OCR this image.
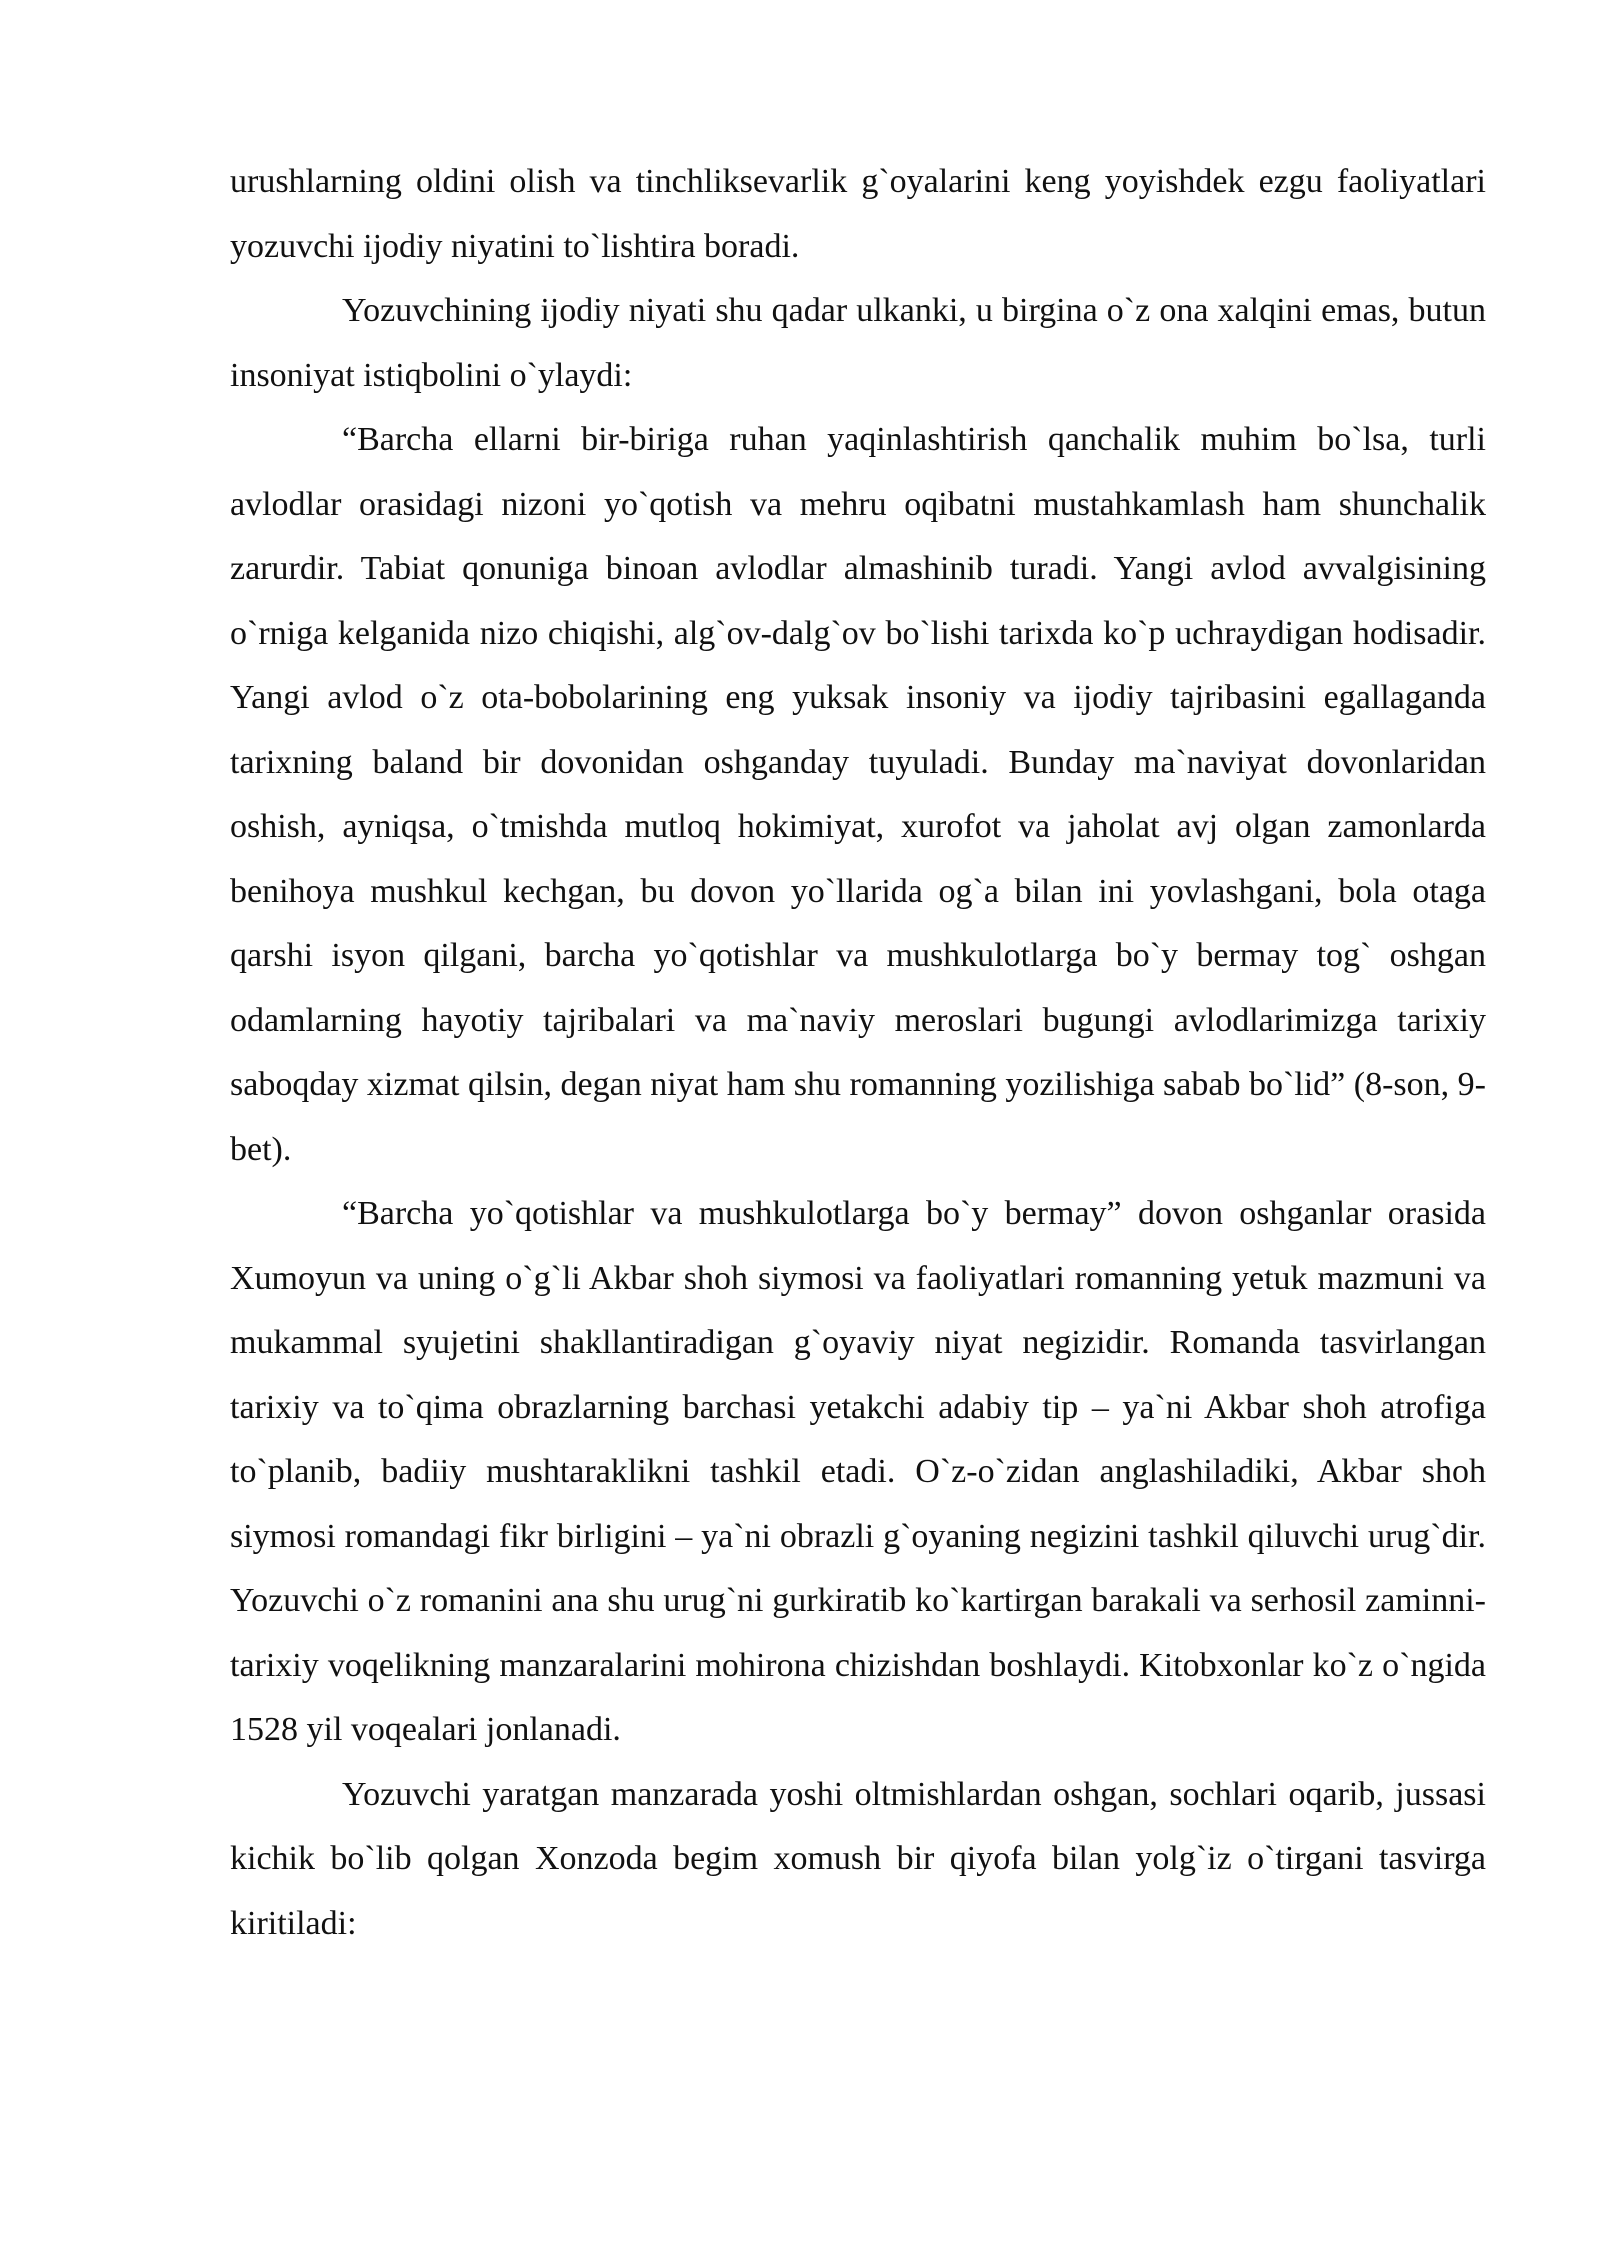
urushlarning oldini olish va tinchliksevarlik g`oyalarini keng yoyishdek ezgu faoliyatlari yozuvchi ijodiy niyatini to`lishtira boradi.

Yozuvchining ijodiy niyati shu qadar ulkanki, u birgina o`z ona xalqini emas, butun insoniyat istiqbolini o`ylaydi:

“Barcha ellarni bir-biriga ruhan yaqinlashtirish qanchalik muhim bo`lsa, turli avlodlar orasidagi nizoni yo`qotish va mehru oqibatni mustahkamlash ham shunchalik zarurdir. Tabiat qonuniga binoan avlodlar almashinib turadi. Yangi avlod avvalgisining o`rniga kelganida nizo chiqishi, alg`ov-dalg`ov bo`lishi tarixda ko`p uchraydigan hodisadir. Yangi avlod o`z ota-bobolarining eng yuksak insoniy va ijodiy tajribasini egallaganda tarixning baland bir dovonidan oshganday tuyuladi. Bunday ma`naviyat dovonlaridan oshish, ayniqsa, o`tmishda mutloq hokimiyat, xurofot va jaholat avj olgan zamonlarda benihoya mushkul kechgan, bu dovon yo`llarida og`a bilan ini yovlashgani, bola otaga qarshi isyon qilgani, barcha yo`qotishlar va mushkulotlarga bo`y bermay tog` oshgan odamlarning hayotiy tajribalari va ma`naviy meroslari bugungi avlodlarimizga tarixiy saboqday xizmat qilsin, degan niyat ham shu romanning yozilishiga sabab bo`lid” (8-son, 9-bet).

“Barcha yo`qotishlar va mushkulotlarga bo`y bermay” dovon oshganlar orasida Xumoyun va uning o`g`li Akbar shoh siymosi va faoliyatlari romanning yetuk mazmuni va mukammal syujetini shakllantiradigan g`oyaviy niyat negizidir. Romanda tasvirlangan tarixiy va to`qima obrazlarning barchasi yetakchi adabiy tip – ya`ni Akbar shoh atrofiga to`planib, badiiy mushtaraklikni tashkil etadi. O`z-o`zidan anglashiladiki, Akbar shoh siymosi romandagi fikr birligini – ya`ni obrazli g`oyaning negizini tashkil qiluvchi urug`dir. Yozuvchi o`z romanini ana shu urug`ni gurkiratib ko`kartirgan barakali va serhosil zaminni- tarixiy voqelikning manzaralarini mohirona chizishdan boshlaydi. Kitobxonlar ko`z o`ngida 1528 yil voqealari jonlanadi.

Yozuvchi yaratgan manzarada yoshi oltmishlardan oshgan, sochlari oqarib, jussasi kichik bo`lib qolgan Xonzoda begim xomush bir qiyofa bilan yolg`iz o`tirgani tasvirga kiritiladi:
